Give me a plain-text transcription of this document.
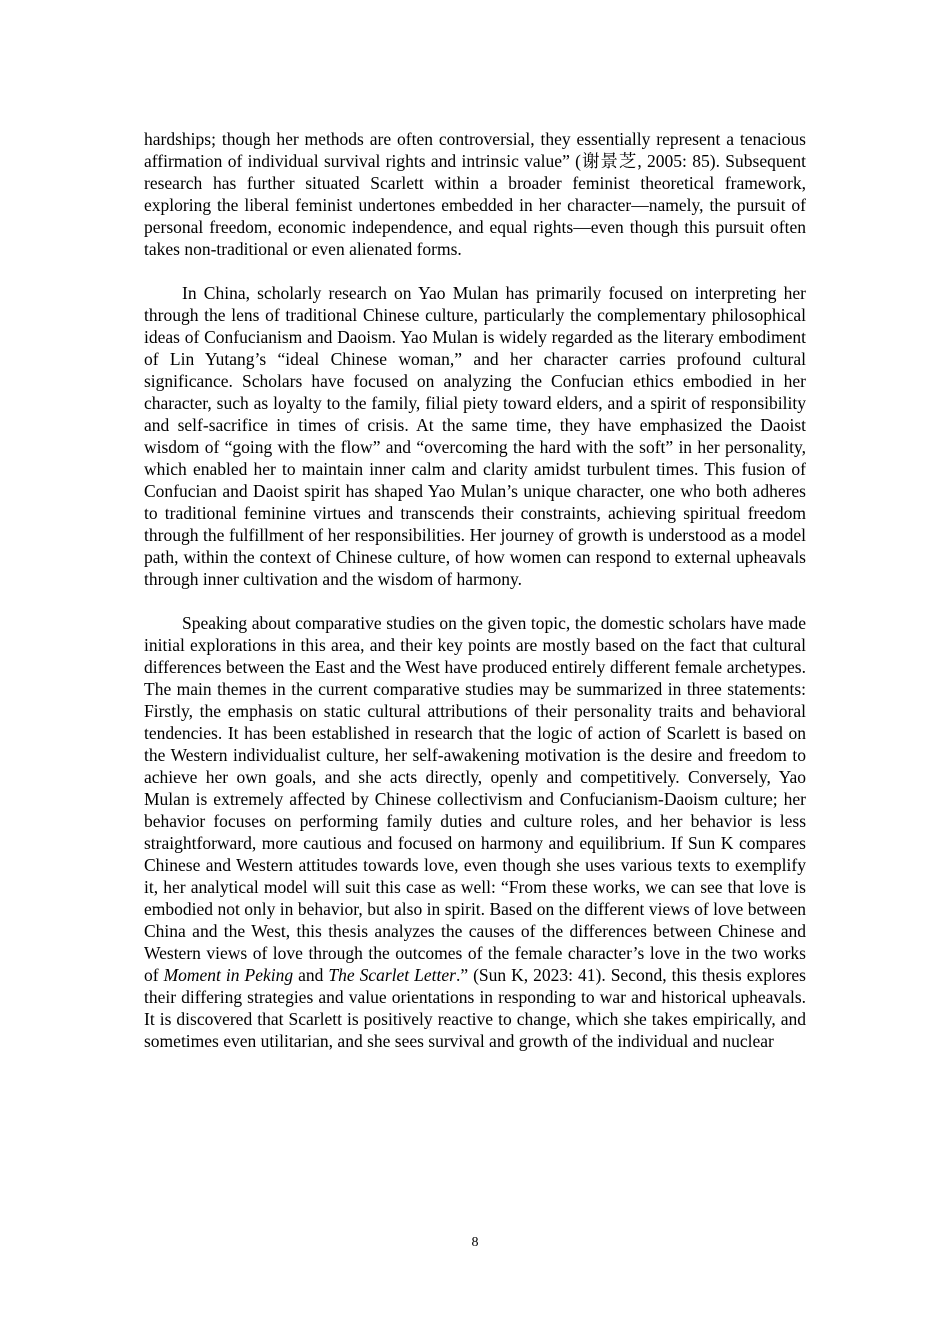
hardships; though her methods are often controversial, they essentially represent a tenacious affirmation of individual survival rights and intrinsic value” (谢景芝, 2005: 85). Subsequent research has further situated Scarlett within a broader feminist theoretical framework, exploring the liberal feminist undertones embedded in her character—namely, the pursuit of personal freedom, economic independence, and equal rights—even though this pursuit often takes non-traditional or even alienated forms.

In China, scholarly research on Yao Mulan has primarily focused on interpreting her through the lens of traditional Chinese culture, particularly the complementary philosophical ideas of Confucianism and Daoism. Yao Mulan is widely regarded as the literary embodiment of Lin Yutang’s “ideal Chinese woman,” and her character carries profound cultural significance. Scholars have focused on analyzing the Confucian ethics embodied in her character, such as loyalty to the family, filial piety toward elders, and a spirit of responsibility and self-sacrifice in times of crisis. At the same time, they have emphasized the Daoist wisdom of “going with the flow” and “overcoming the hard with the soft” in her personality, which enabled her to maintain inner calm and clarity amidst turbulent times. This fusion of Confucian and Daoist spirit has shaped Yao Mulan’s unique character, one who both adheres to traditional feminine virtues and transcends their constraints, achieving spiritual freedom through the fulfillment of her responsibilities. Her journey of growth is understood as a model path, within the context of Chinese culture, of how women can respond to external upheavals through inner cultivation and the wisdom of harmony.

Speaking about comparative studies on the given topic, the domestic scholars have made initial explorations in this area, and their key points are mostly based on the fact that cultural differences between the East and the West have produced entirely different female archetypes. The main themes in the current comparative studies may be summarized in three statements: Firstly, the emphasis on static cultural attributions of their personality traits and behavioral tendencies. It has been established in research that the logic of action of Scarlett is based on the Western individualist culture, her self-awakening motivation is the desire and freedom to achieve her own goals, and she acts directly, openly and competitively. Conversely, Yao Mulan is extremely affected by Chinese collectivism and Confucianism-Daoism culture; her behavior focuses on performing family duties and culture roles, and her behavior is less straightforward, more cautious and focused on harmony and equilibrium. If Sun K compares Chinese and Western attitudes towards love, even though she uses various texts to exemplify it, her analytical model will suit this case as well: “From these works, we can see that love is embodied not only in behavior, but also in spirit. Based on the different views of love between China and the West, this thesis analyzes the causes of the differences between Chinese and Western views of love through the outcomes of the female character’s love in the two works of Moment in Peking and The Scarlet Letter.” (Sun K, 2023: 41). Second, this thesis explores their differing strategies and value orientations in responding to war and historical upheavals. It is discovered that Scarlett is positively reactive to change, which she takes empirically, and sometimes even utilitarian, and she sees survival and growth of the individual and nuclear

8
